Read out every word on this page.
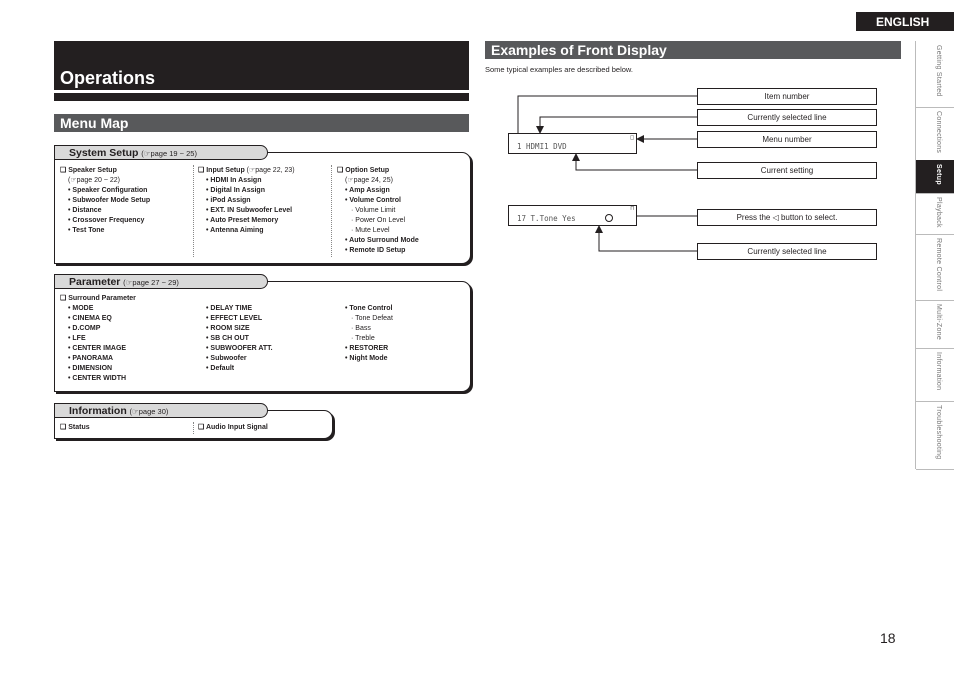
ENGLISH
Getting Started
Connections
Setup
Playback
Remote Control
Multi-Zone
Information
Troubleshooting
18
Operations
Menu Map
❑ Speaker Setup
(☞page 20 ~ 22)
• Speaker Configuration
• Subwoofer Mode Setup
• Distance
• Crossover Frequency
• Test Tone
❑ Input Setup (☞page 22, 23)
• HDMI In Assign
• Digital In Assign
• iPod Assign
• EXT. IN Subwoofer Level
• Auto Preset Memory
• Antenna Aiming
❑ Option Setup
(☞page 24, 25)
• Amp Assign
• Volume Control
· Volume Limit
· Power On Level
· Mute Level
• Auto Surround Mode
• Remote ID Setup
System Setup (☞page 19 ~ 25)
❑ Surround Parameter
• MODE
• CINEMA EQ
• D.COMP
• LFE
• CENTER IMAGE
• PANORAMA
• DIMENSION
• CENTER WIDTH
• DELAY TIME
• EFFECT LEVEL
• ROOM SIZE
• SB CH OUT
• SUBWOOFER ATT.
• Subwoofer
• Default
• Tone Control
· Tone Defeat
· Bass
· Treble
• RESTORER
• Night Mode
Parameter (☞page 27 ~ 29)
❑ Status	❑ Audio Input Signal
Information (☞page 30)
Examples of Front Display
Some typical examples are described below.
1 HDMI1 DVD
□
17 T.Tone Yes
⊓
Item number
Currently selected line
Menu number
Current setting
Press the ◁ button to select.
Currently selected line
